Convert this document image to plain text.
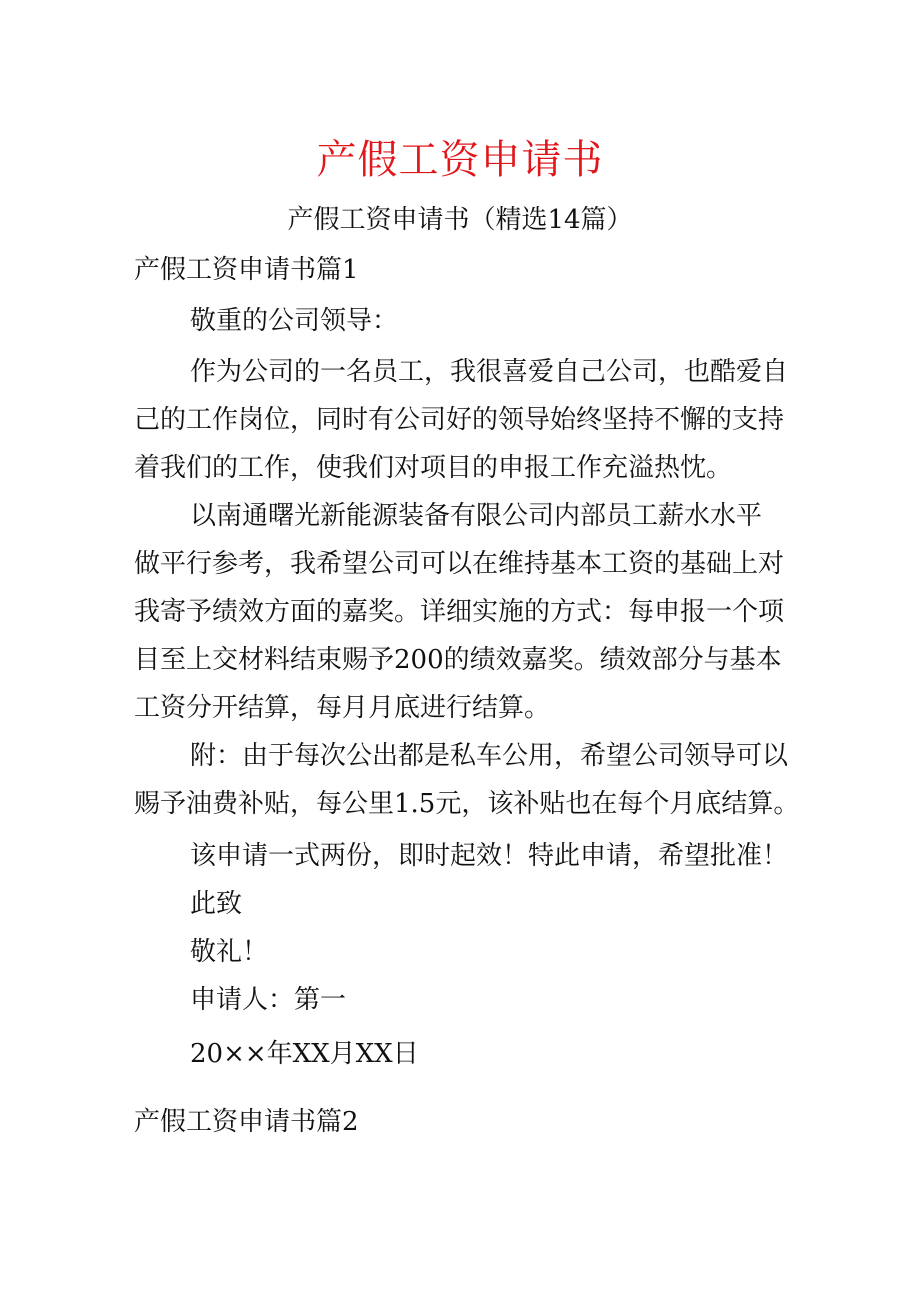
产假工资申请书
产假工资申请书（精选14篇）
产假工资申请书篇1
敬重的公司领导：
作为公司的一名员工，我很喜爱自己公司，也酷爱自
己的工作岗位，同时有公司好的领导始终坚持不懈的支持
着我们的工作，使我们对项目的申报工作充溢热忱。
以南通曙光新能源装备有限公司内部员工薪水水平
做平行参考，我希望公司可以在维持基本工资的基础上对
我寄予绩效方面的嘉奖。详细实施的方式：每申报一个项
目至上交材料结束赐予200的绩效嘉奖。绩效部分与基本
工资分开结算，每月月底进行结算。
附：由于每次公出都是私车公用，希望公司领导可以
赐予油费补贴，每公里1.5元，该补贴也在每个月底结算。
该申请一式两份，即时起效！特此申请，希望批准！
此致
敬礼！
申请人：第一
20××年XX月XX日
产假工资申请书篇2
